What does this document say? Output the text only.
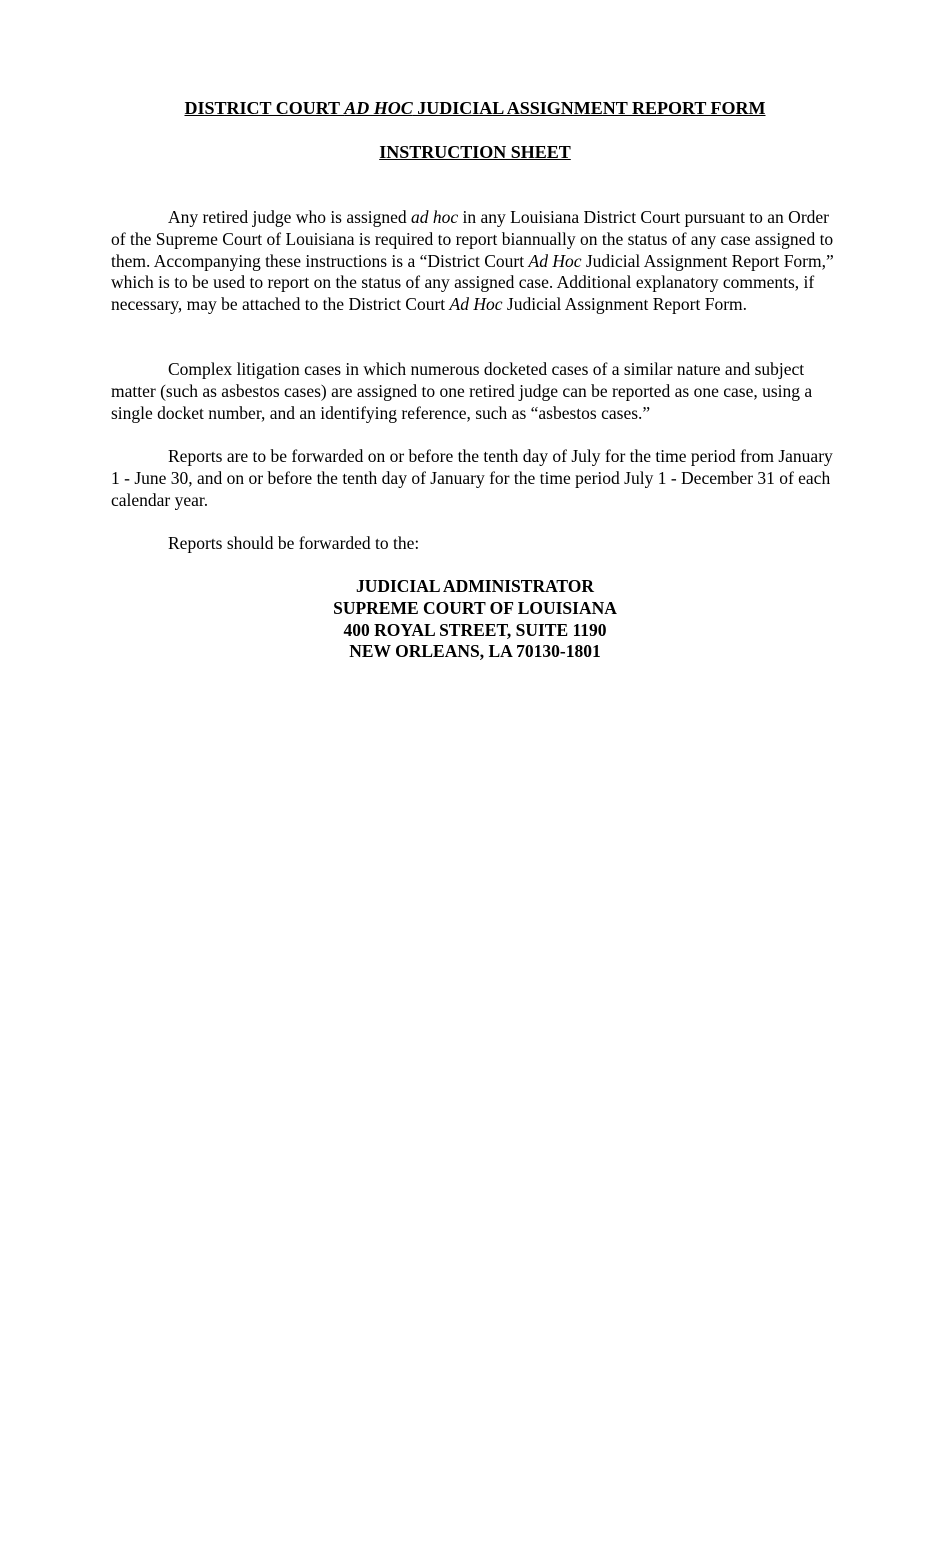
DISTRICT COURT AD HOC JUDICIAL ASSIGNMENT REPORT FORM
INSTRUCTION SHEET

Any retired judge who is assigned ad hoc in any Louisiana District Court pursuant to an Order of the Supreme Court of Louisiana is required to report biannually on the status of any case assigned to them. Accompanying these instructions is a “District Court Ad Hoc Judicial Assignment Report Form,” which is to be used to report on the status of any assigned case. Additional explanatory comments, if necessary, may be attached to the District Court Ad Hoc Judicial Assignment Report Form.

Complex litigation cases in which numerous docketed cases of a similar nature and subject matter (such as asbestos cases) are assigned to one retired judge can be reported as one case, using a single docket number, and an identifying reference, such as “asbestos cases.”

Reports are to be forwarded on or before the tenth day of July for the time period from January 1 - June 30, and on or before the tenth day of January for the time period July 1 - December 31 of each calendar year.

Reports should be forwarded to the:

JUDICIAL ADMINISTRATOR
SUPREME COURT OF LOUISIANA
400 ROYAL STREET, SUITE 1190
NEW ORLEANS, LA 70130-1801
